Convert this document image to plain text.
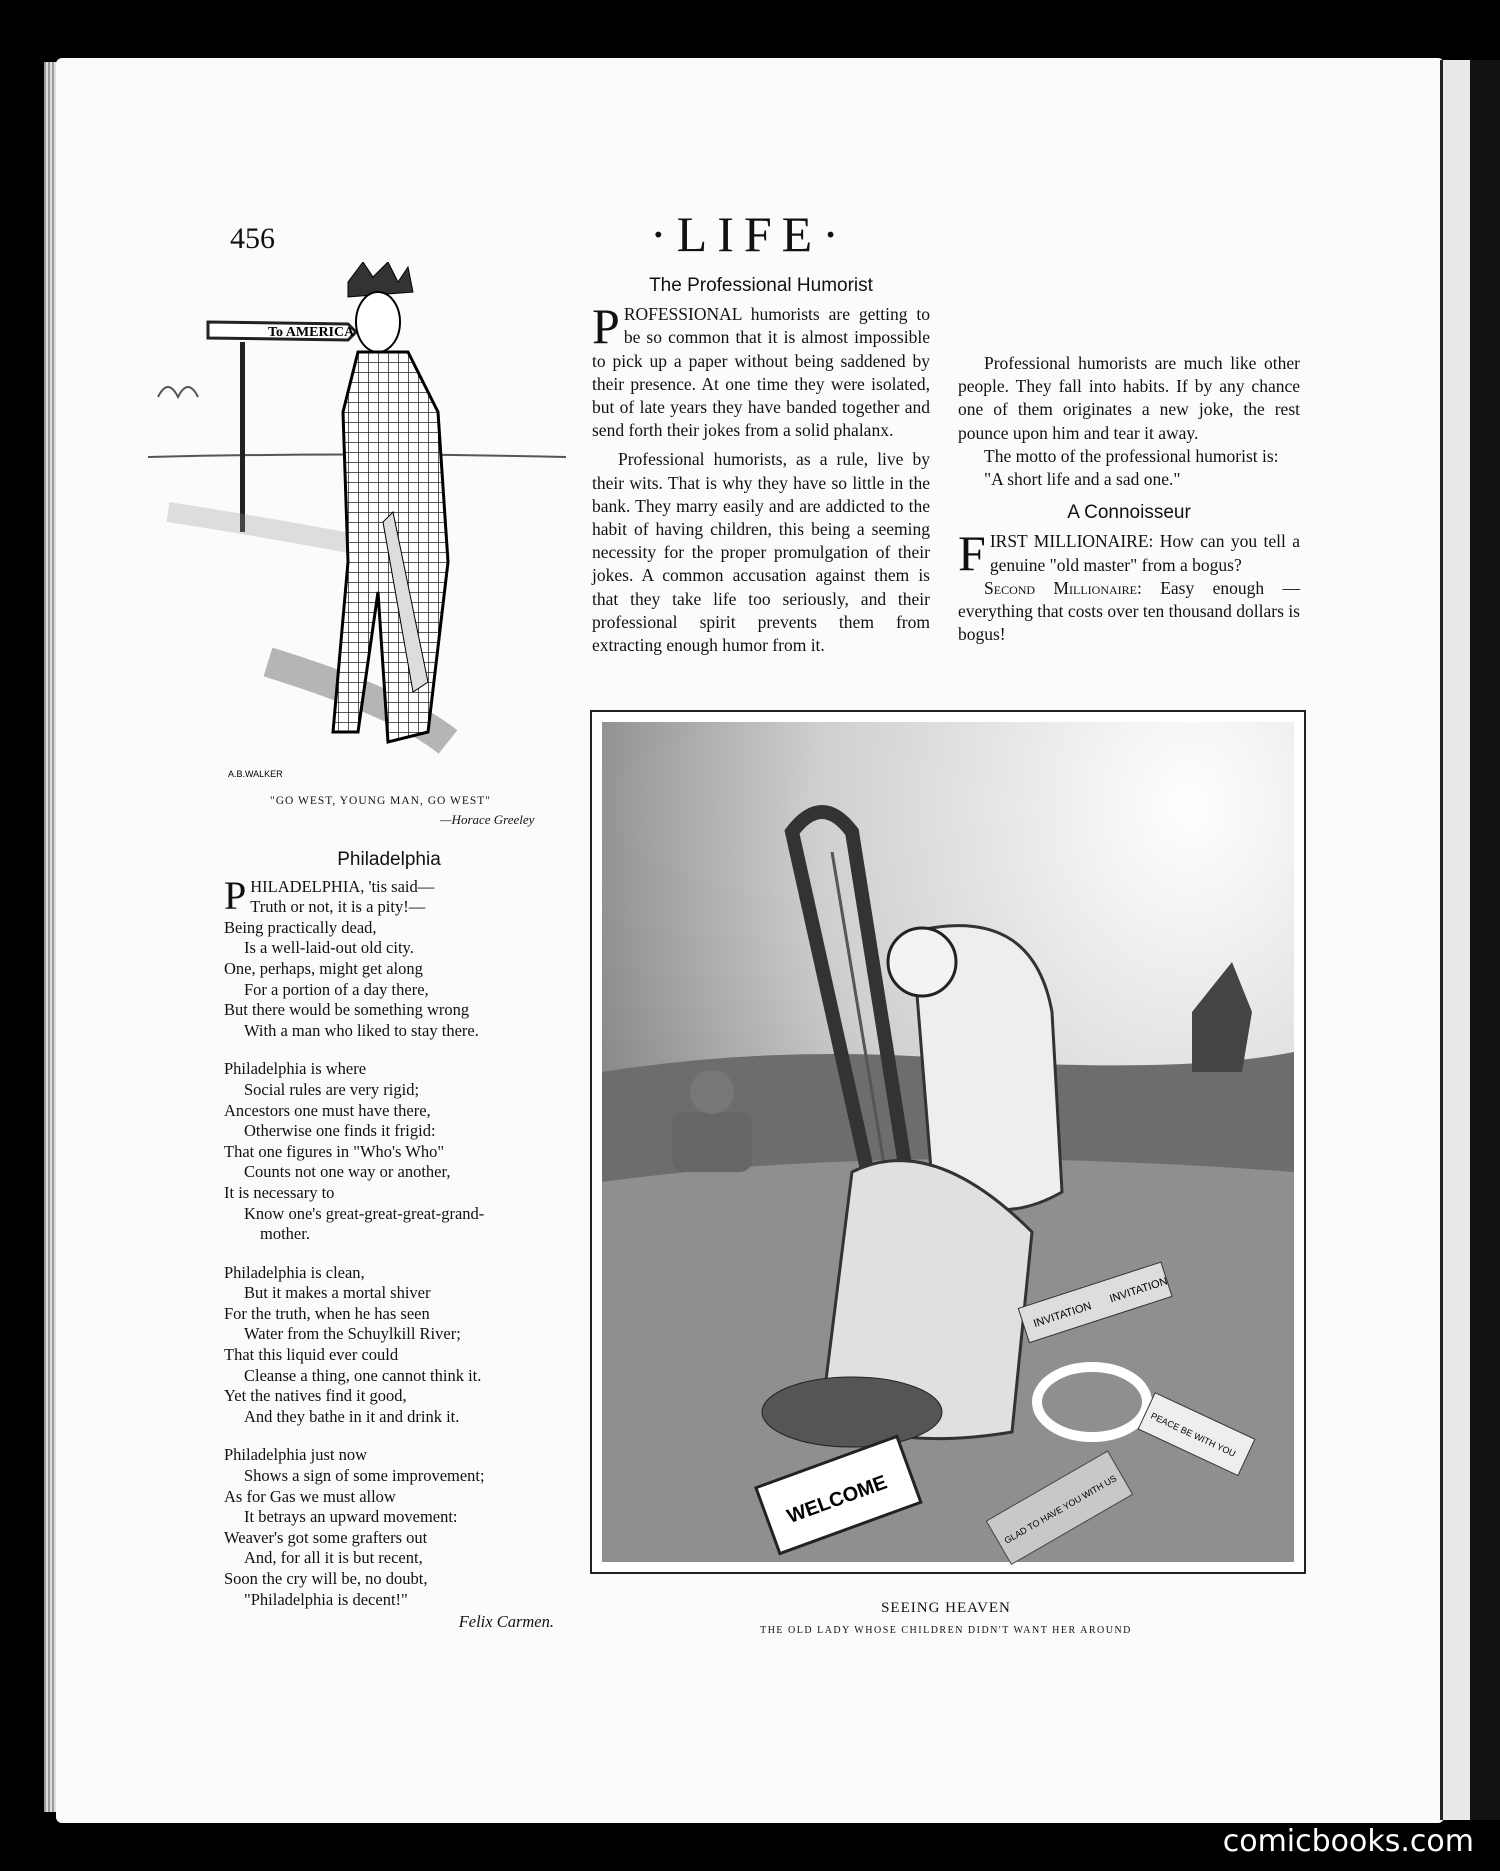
456	·LIFE·
To AMERICA
A.B.WALKER
"GO WEST, YOUNG MAN, GO WEST"
—Horace Greeley
Philadelphia
PHILADELPHIA, 'tis said—
Truth or not, it is a pity!—
Being practically dead,
Is a well-laid-out old city.
One, perhaps, might get along
For a portion of a day there,
But there would be something wrong
With a man who liked to stay there.
Philadelphia is where
Social rules are very rigid;
Ancestors one must have there,
Otherwise one finds it frigid:
That one figures in "Who's Who"
Counts not one way or another,
It is necessary to
Know one's great-great-great-grand-
mother.
Philadelphia is clean,
But it makes a mortal shiver
For the truth, when he has seen
Water from the Schuylkill River;
That this liquid ever could
Cleanse a thing, one cannot think it.
Yet the natives find it good,
And they bathe in it and drink it.
Philadelphia just now
Shows a sign of some improvement;
As for Gas we must allow
It betrays an upward movement:
Weaver's got some grafters out
And, for all it is but recent,
Soon the cry will be, no doubt,
"Philadelphia is decent!"
Felix Carmen.
The Professional Humorist

PROFESSIONAL humorists are getting to be so common that it is almost impossible to pick up a paper without being saddened by their presence. At one time they were isolated, but of late years they have banded together and send forth their jokes from a solid phalanx.

Professional humorists, as a rule, live by their wits. That is why they have so little in the bank. They marry easily and are addicted to the habit of having children, this being a seeming necessity for the proper promulgation of their jokes. A common accusation against them is that they take life too seriously, and their professional spirit prevents them from extracting enough humor from it.

Professional humorists are much like other people. They fall into habits. If by any chance one of them originates a new joke, the rest pounce upon him and tear it away.

The motto of the professional humorist is:

"A short life and a sad one."

A Connoisseur

FIRST MILLIONAIRE: How can you tell a genuine "old master" from a bogus?

Second Millionaire: Easy enough —everything that costs over ten thousand dollars is bogus!

WELCOME
INVITATION
INVITATION
PEACE BE WITH YOU
GLAD TO HAVE YOU WITH US
SEEING HEAVEN
THE OLD LADY WHOSE CHILDREN DIDN'T WANT HER AROUND
comicbooks.com
